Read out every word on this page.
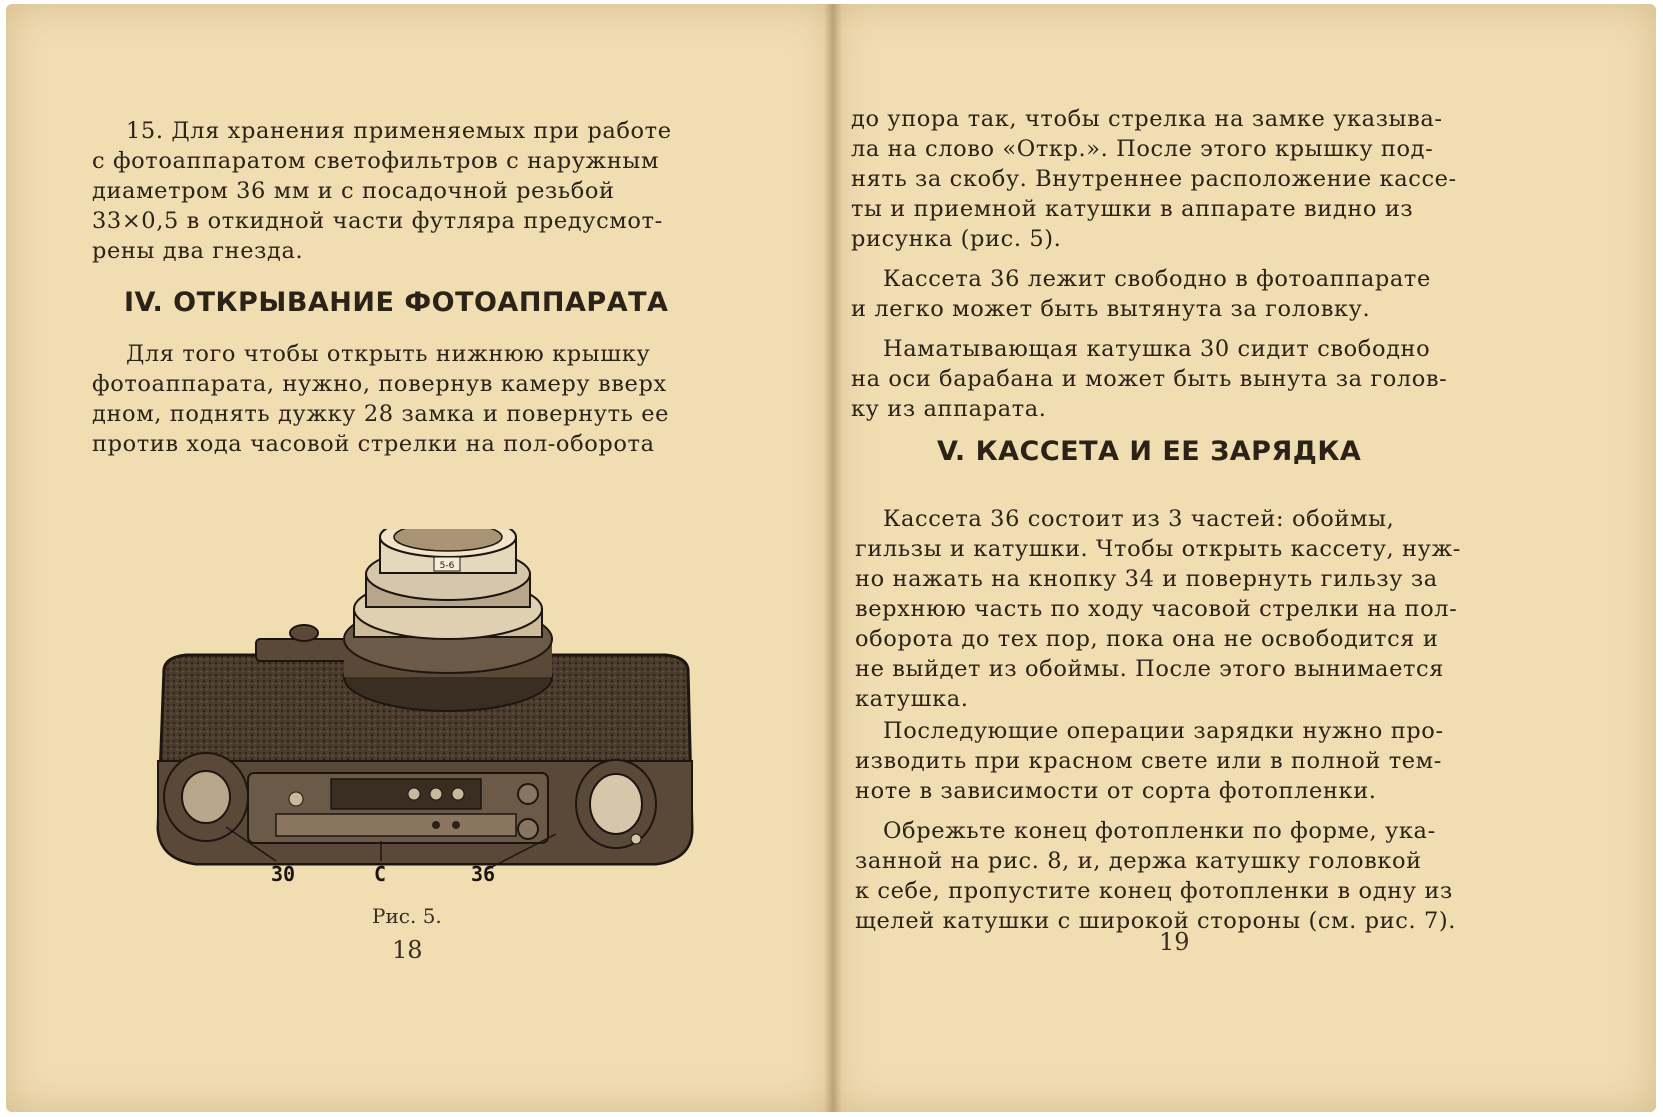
15. Для хранения применяемых при работе
с фотоаппаратом светофильтров с наружным
диаметром 36 мм и с посадочной резьбой
33×0,5 в откидной части футляра предусмот-
рены два гнезда.
IV. ОТКРЫВАНИЕ ФОТОАППАРАТА
Для того чтобы открыть нижнюю крышку
фотоаппарата, нужно, повернув камеру вверх
дном, поднять дужку 28 замка и повернуть ее
против хода часовой стрелки на пол-оборота
5-6
30	С	36
Рис. 5.
18
до упора так, чтобы стрелка на замке указыва-
ла на слово «Откр.». После этого крышку под-
нять за скобу. Внутреннее расположение кассе-
ты и приемной катушки в аппарате видно из
рисунка (рис. 5).
Кассета 36 лежит свободно в фотоаппарате
и легко может быть вытянута за головку.
Наматывающая катушка 30 сидит свободно
на оси барабана и может быть вынута за голов-
ку из аппарата.
V. КАССЕТА И ЕЕ ЗАРЯДКА
Кассета 36 состоит из 3 частей: обоймы,
гильзы и катушки. Чтобы открыть кассету, нуж-
но нажать на кнопку 34 и повернуть гильзу за
верхнюю часть по ходу часовой стрелки на пол-
оборота до тех пор, пока она не освободится и
не выйдет из обоймы. После этого вынимается
катушка.
Последующие операции зарядки нужно про-
изводить при красном свете или в полной тем-
ноте в зависимости от сорта фотопленки.
Обрежьте конец фотопленки по форме, ука-
занной на рис. 8, и, держа катушку головкой
к себе, пропустите конец фотопленки в одну из
щелей катушки с широкой стороны (см. рис. 7).
19
